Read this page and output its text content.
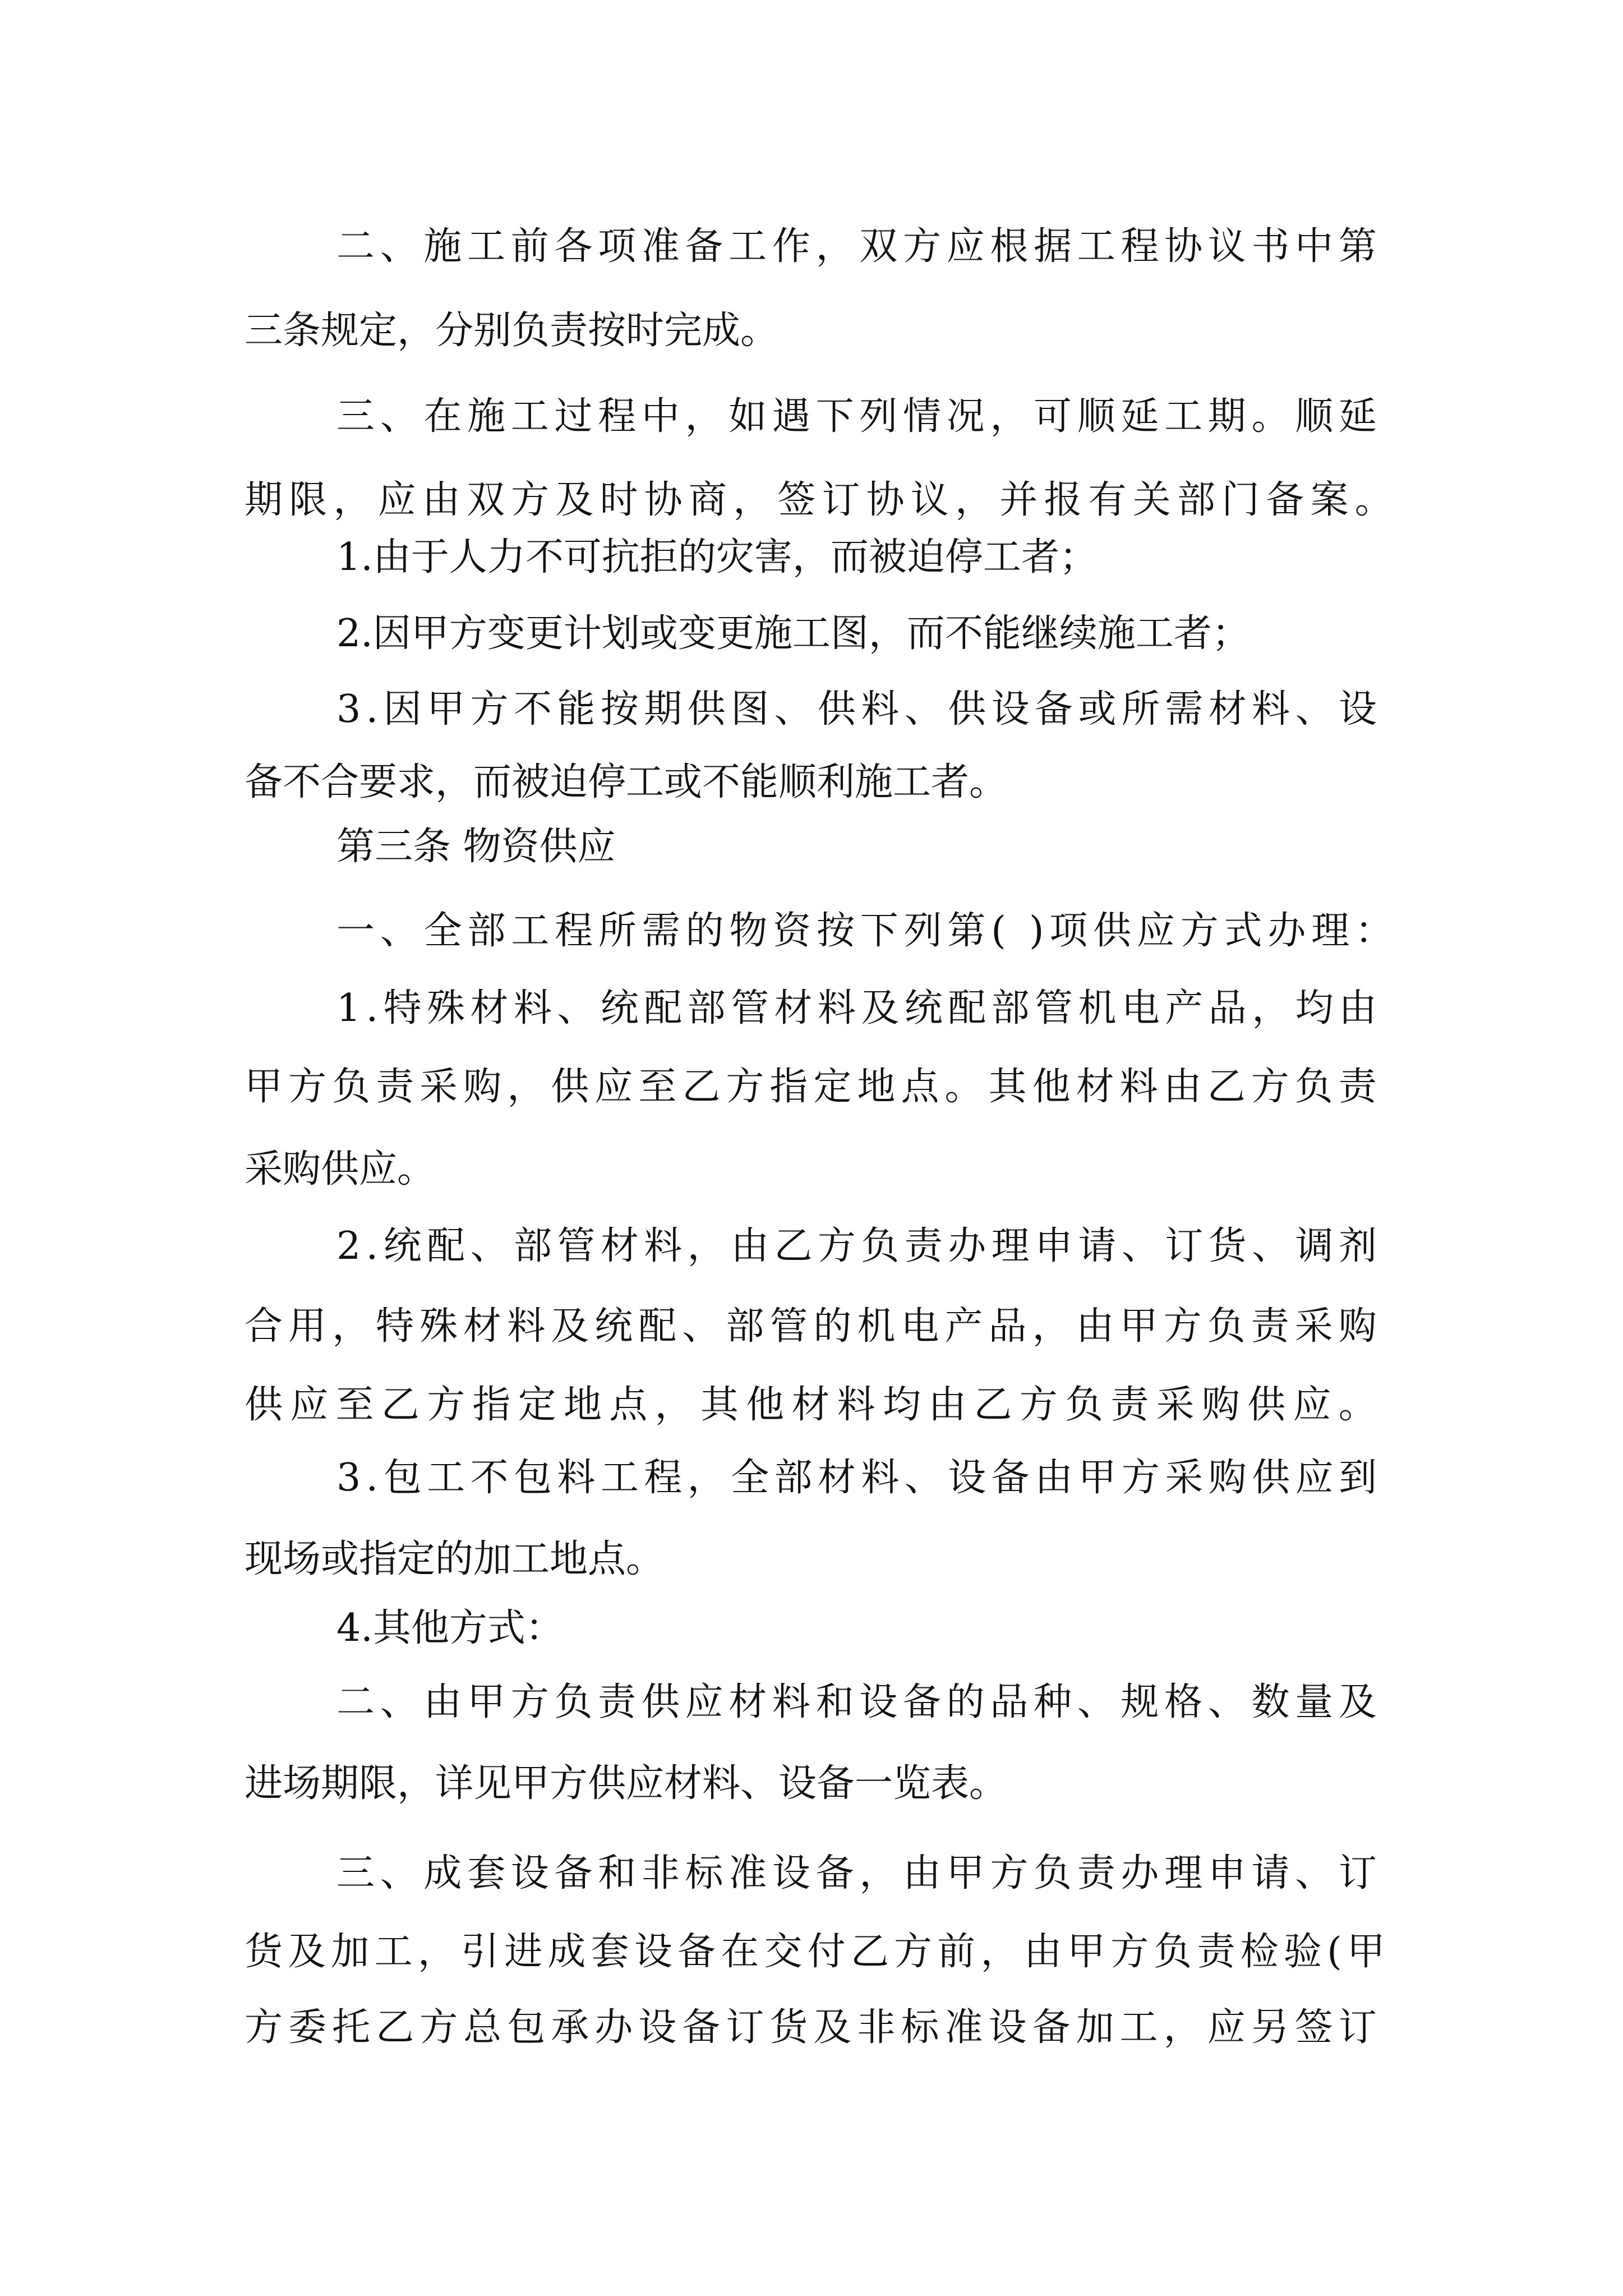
二 、 施 工 前 各 项 准 备 工 作 ， 双 方 应 根 据 工 程 协 议 书 中 第
三条规定，分别负责按时完成。
三 、 在 施 工 过 程 中 ， 如 遇 下 列 情 况 ， 可 顺 延 工 期 。 顺 延
期 限 ， 应 由 双 方 及 时 协 商 ， 签 订 协 议 ， 并 报 有 关 部 门 备 案 。
1.由于人力不可抗拒的灾害，而被迫停工者；
2.因甲方变更计划或变更施工图，而不能继续施工者；
3 . 因 甲 方 不 能 按 期 供 图 、 供 料 、 供 设 备 或 所 需 材 料 、 设
备不合要求，而被迫停工或不能顺利施工者。
第三条 物资供应
一 、 全 部 工 程 所 需 的 物 资 按 下 列 第 (
) 项 供 应 方 式 办 理 ：
1 . 特 殊 材 料 、 统 配 部 管 材 料 及 统 配 部 管 机 电 产 品 ， 均 由
甲 方 负 责 采 购 ， 供 应 至 乙 方 指 定 地 点 。 其 他 材 料 由 乙 方 负 责
采购供应。
2 . 统 配 、 部 管 材 料 ， 由 乙 方 负 责 办 理 申 请 、 订 货 、 调 剂
合 用 ， 特 殊 材 料 及 统 配 、 部 管 的 机 电 产 品 ， 由 甲 方 负 责 采 购
供 应 至 乙 方 指 定 地 点 ， 其 他 材 料 均 由 乙 方 负 责 采 购 供 应 。
3 . 包 工 不 包 料 工 程 ， 全 部 材 料 、 设 备 由 甲 方 采 购 供 应 到
现场或指定的加工地点。
4.其他方式：
二 、 由 甲 方 负 责 供 应 材 料 和 设 备 的 品 种 、 规 格 、 数 量 及
进场期限，详见甲方供应材料、设备一览表。
三 、 成 套 设 备 和 非 标 准 设 备 ， 由 甲 方 负 责 办 理 申 请 、 订
货 及 加 工 ， 引 进 成 套 设 备 在 交 付 乙 方 前 ， 由 甲 方 负 责 检 验 ( 甲
方 委 托 乙 方 总 包 承 办 设 备 订 货 及 非 标 准 设 备 加 工 ， 应 另 签 订
